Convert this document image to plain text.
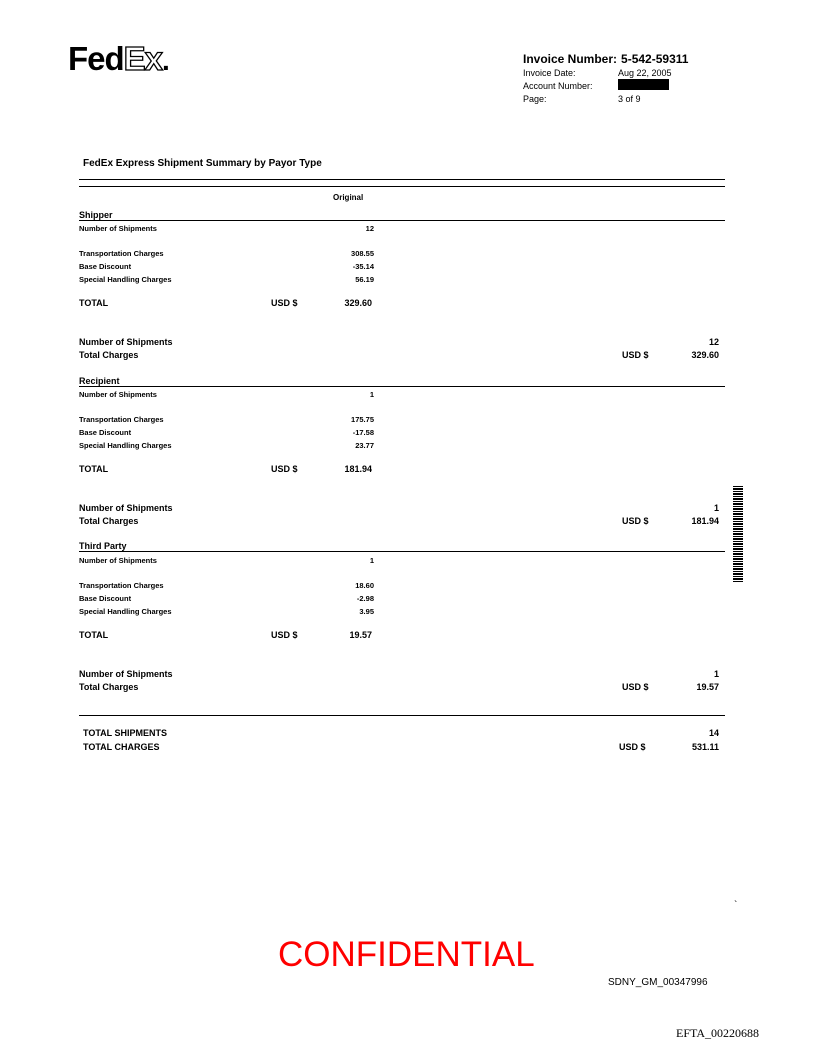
FedEx.	Invoice Number: 5-542-59311
Invoice Date:	Aug 22, 2005
Account Number:
Page:	3 of 9
FedEx Express Shipment Summary by Payor Type
Original
Shipper
Number of Shipments	12
Transportation Charges	308.55
Base Discount	-35.14
Special Handling Charges	56.19
TOTAL	USD $	329.60
Number of Shipments	12
Total Charges	USD $	329.60
Recipient
Number of Shipments	1
Transportation Charges	175.75
Base Discount	-17.58
Special Handling Charges	23.77
TOTAL	USD $	181.94
Number of Shipments	1
Total Charges	USD $	181.94
Third Party
Number of Shipments	1
Transportation Charges	18.60
Base Discount	-2.98
Special Handling Charges	3.95
TOTAL	USD $	19.57
Number of Shipments	1
Total Charges	USD $	19.57
TOTAL SHIPMENTS	14
TOTAL CHARGES	USD $	531.11
`
CONFIDENTIAL
SDNY_GM_00347996
EFTA_00220688
